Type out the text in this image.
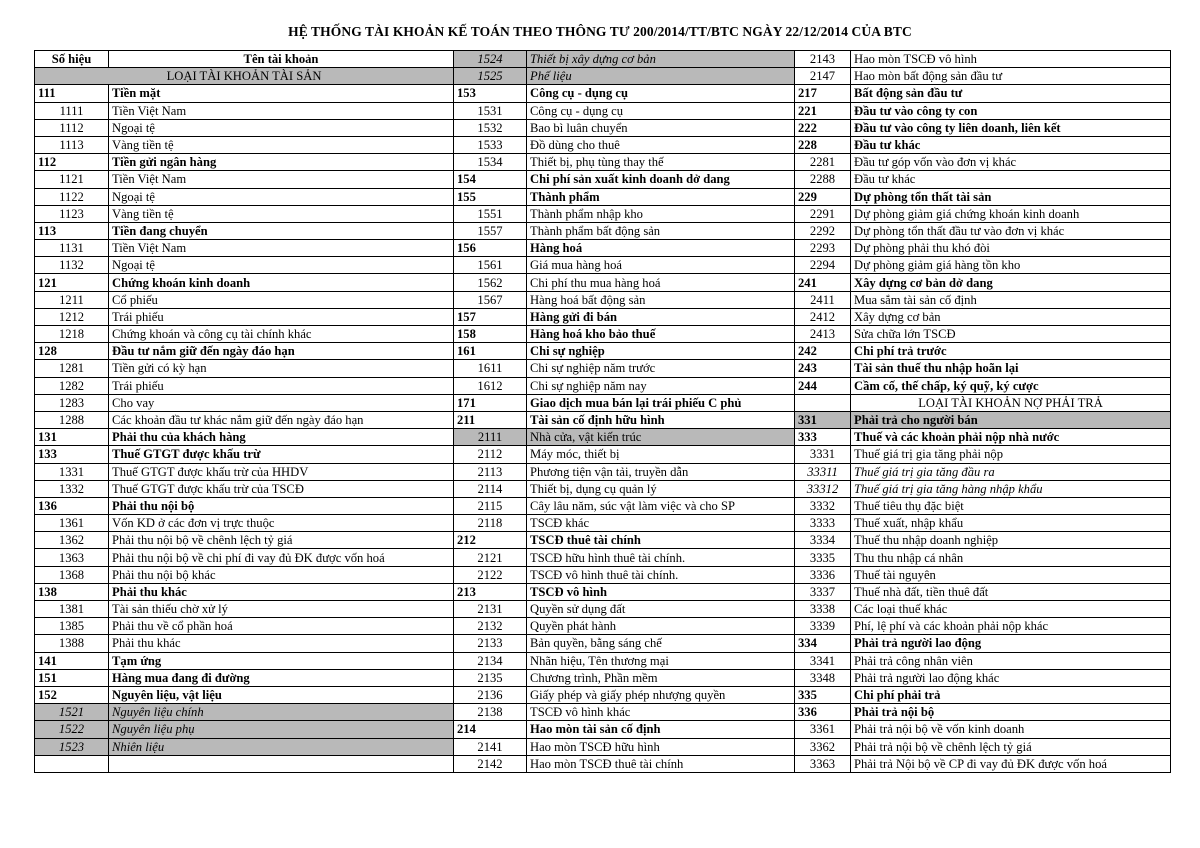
HỆ THỐNG TÀI KHOẢN KẾ TOÁN THEO THÔNG TƯ 200/2014/TT/BTC NGÀY 22/12/2014 CỦA BTC
Số hiệu	Tên tài khoản	1524	Thiết bị xây dựng cơ bản	2143	Hao mòn TSCĐ vô hình
LOẠI TÀI KHOẢN TÀI SẢN		1525	Phế liệu	2147	Hao mòn bất động sản đầu tư
111	Tiền mặt	153	Công cụ - dụng cụ	217	Bất động sản đầu tư
1111	Tiền Việt Nam	1531	Công cụ - dụng cụ	221	Đầu tư vào công ty con
1112	Ngoại tệ	1532	Bao bì luân chuyển	222	Đầu tư vào công ty liên doanh, liên kết
1113	Vàng tiền tệ	1533	Đồ dùng cho thuê	228	Đầu tư khác
112	Tiền gửi ngân hàng	1534	Thiết bị, phụ tùng thay thế	2281	Đầu tư góp vốn vào đơn vị khác
1121	Tiền Việt Nam	154	Chi phí sản xuất kinh doanh dở dang	2288	Đầu tư khác
1122	Ngoại tệ	155	Thành phẩm	229	Dự phòng tổn thất tài sản
1123	Vàng tiền tệ	1551	Thành phẩm nhập kho	2291	Dự phòng giảm giá chứng khoán kinh doanh
113	Tiền đang chuyển	1557	Thành phẩm bất động sản	2292	Dự phòng tổn thất đầu tư vào đơn vị khác
1131	Tiền Việt Nam	156	Hàng hoá	2293	Dự phòng phải thu khó đòi
1132	Ngoại tệ	1561	Giá mua hàng hoá	2294	Dự phòng giảm giá hàng tồn kho
121	Chứng khoán kinh doanh	1562	Chi phí thu mua hàng hoá	241	Xây dựng cơ bản dở dang
1211	Cổ phiếu	1567	Hàng hoá bất động sản	2411	Mua sắm tài sản cố định
1212	Trái phiếu	157	Hàng gửi đi bán	2412	Xây dựng cơ bản
1218	Chứng khoán và công cụ tài chính khác	158	Hàng hoá kho bảo thuế	2413	Sửa chữa lớn TSCĐ
128	Đầu tư nắm giữ đến ngày đáo hạn	161	Chi sự nghiệp	242	Chi phí trả trước
1281	Tiền gửi có kỳ hạn	1611	Chi sự nghiệp năm trước	243	Tài sản thuế thu nhập hoãn lại
1282	Trái phiếu	1612	Chi sự nghiệp năm nay	244	Cầm cố, thế chấp, ký quỹ, ký cược
1283	Cho vay	171	Giao dịch mua bán lại trái phiếu C phủ		LOẠI TÀI KHOẢN NỢ PHẢI TRẢ
1288	Các khoản đầu tư khác nắm giữ đến ngày đáo hạn	211	Tài sản cố định hữu hình	331	Phải trả cho người bán
131	Phải thu của khách hàng	2111	Nhà cửa, vật kiến trúc	333	Thuế và các khoản phải nộp nhà nước
133	Thuế GTGT được khấu trừ	2112	Máy móc, thiết bị	3331	Thuế giá trị gia tăng phải nộp
1331	Thuế GTGT được khấu trừ của HHDV	2113	Phương tiện vận tải, truyền dẫn	33311	Thuế giá trị gia tăng đầu ra
1332	Thuế GTGT được khấu trừ của TSCĐ	2114	Thiết bị, dụng cụ quản lý	33312	Thuế giá trị gia tăng hàng nhập khẩu
136	Phải thu nội bộ	2115	Cây lâu năm, súc vật làm việc và cho SP	3332	Thuế tiêu thụ đặc biệt
1361	Vốn KD ở các đơn vị trực thuộc	2118	TSCĐ khác	3333	Thuế xuất, nhập khẩu
1362	Phải thu nội bộ về chênh lệch tỷ giá	212	TSCĐ thuê tài chính	3334	Thuế thu nhập doanh nghiệp
1363	Phải thu nội bộ về chi phí đi vay đủ ĐK được vốn hoá	2121	TSCĐ hữu hình thuê tài chính.	3335	Thu thu nhập cá nhân
1368	Phải thu nội bộ khác	2122	TSCĐ vô hình thuê tài chính.	3336	Thuế tài nguyên
138	Phải thu khác	213	TSCĐ vô hình	3337	Thuế nhà đất, tiền thuê đất
1381	Tài sản thiếu chờ xử lý	2131	Quyền sử dụng đất	3338	Các loại thuế khác
1385	Phải thu về cổ phần hoá	2132	Quyền phát hành	3339	Phí, lệ phí và các khoản phải nộp khác
1388	Phải thu khác	2133	Bản quyền, bằng sáng chế	334	Phải trả người lao động
141	Tạm ứng	2134	Nhãn hiệu, Tên thương mại	3341	Phải trả công nhân viên
151	Hàng mua đang đi đường	2135	Chương trình, Phần mềm	3348	Phải trả người lao động khác
152	Nguyên liệu, vật liệu	2136	Giấy phép và giấy phép nhượng quyền	335	Chi phí phải trả
1521	Nguyên liệu chính	2138	TSCĐ vô hình khác	336	Phải trả nội bộ
1522	Nguyên liệu phụ	214	Hao mòn tài sản cố định	3361	Phải trả nội bộ về vốn kinh doanh
1523	Nhiên liệu	2141	Hao mòn TSCĐ hữu hình	3362	Phải trả nội bộ về chênh lệch tỷ giá
		2142	Hao mòn TSCĐ thuê tài chính	3363	Phải trả Nội bộ về CP đi vay đủ ĐK được vốn hoá
